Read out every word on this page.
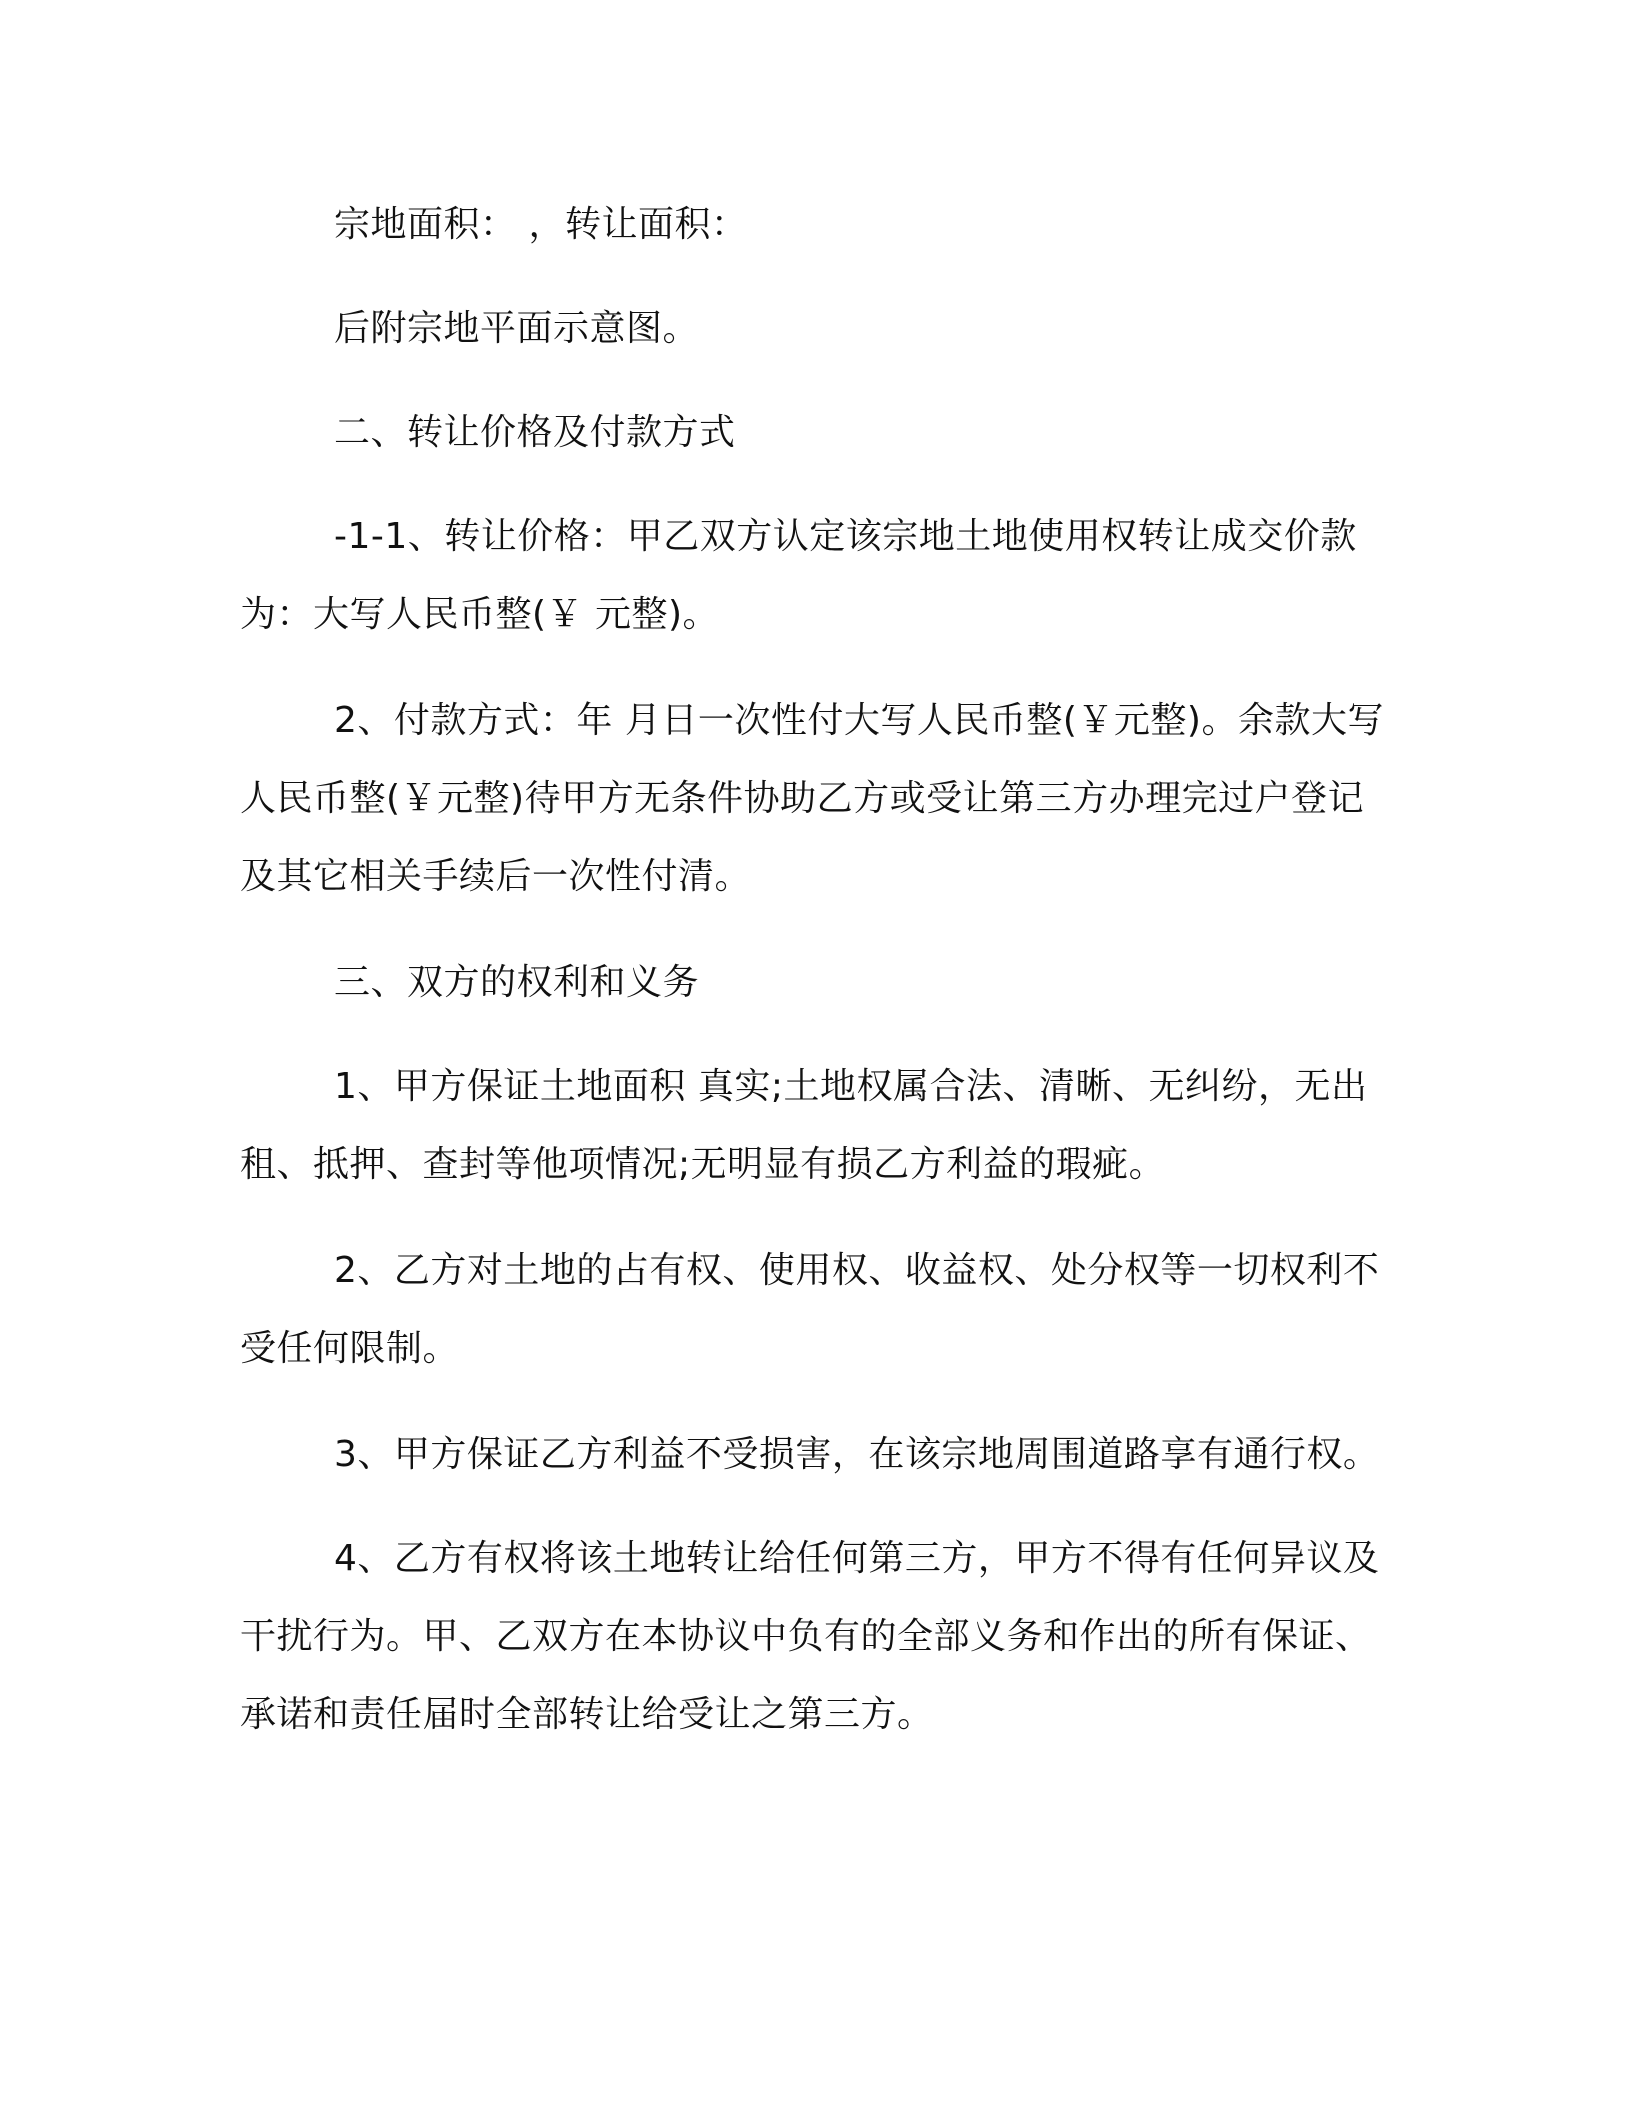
宗地面积： ，转让面积：

后附宗地平面示意图。

二、转让价格及付款方式

-1-1、转让价格：甲乙双方认定该宗地土地使用权转让成交价款为：大写人民币整(￥ 元整)。

2、付款方式：年 月日一次性付大写人民币整(￥元整)。余款大写人民币整(￥元整)待甲方无条件协助乙方或受让第三方办理完过户登记及其它相关手续后一次性付清。

三、双方的权利和义务

1、甲方保证土地面积 真实;土地权属合法、清晰、无纠纷，无出租、抵押、查封等他项情况;无明显有损乙方利益的瑕疵。

2、乙方对土地的占有权、使用权、收益权、处分权等一切权利不受任何限制。

3、甲方保证乙方利益不受损害，在该宗地周围道路享有通行权。

4、乙方有权将该土地转让给任何第三方，甲方不得有任何异议及干扰行为。甲、乙双方在本协议中负有的全部义务和作出的所有保证、承诺和责任届时全部转让给受让之第三方。
